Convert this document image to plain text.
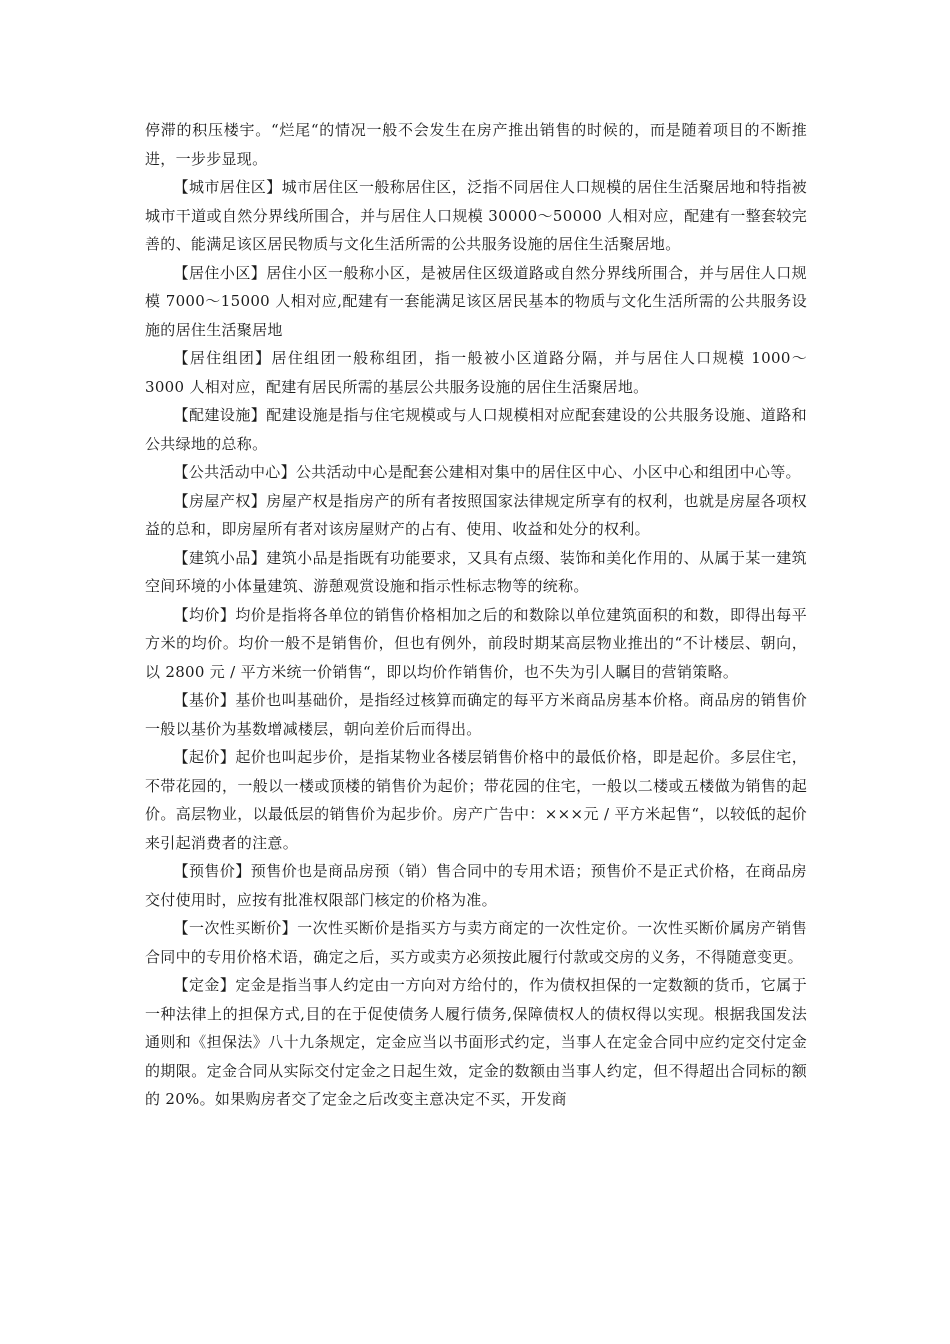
停滞的积压楼宇。“烂尾“的情况一般不会发生在房产推出销售的时候的，而是随着项目的不断推进，一步步显现。

【城市居住区】城市居住区一般称居住区，泛指不同居住人口规模的居住生活聚居地和特指被城市干道或自然分界线所围合，并与居住人口规模 30000～50000 人相对应，配建有一整套较完善的、能满足该区居民物质与文化生活所需的公共服务设施的居住生活聚居地。

【居住小区】居住小区一般称小区，是被居住区级道路或自然分界线所围合，并与居住人口规模 7000～15000 人相对应,配建有一套能满足该区居民基本的物质与文化生活所需的公共服务设施的居住生活聚居地

【居住组团】居住组团一般称组团，指一般被小区道路分隔，并与居住人口规模 1000～3000 人相对应，配建有居民所需的基层公共服务设施的居住生活聚居地。

【配建设施】配建设施是指与住宅规模或与人口规模相对应配套建设的公共服务设施、道路和公共绿地的总称。

【公共活动中心】公共活动中心是配套公建相对集中的居住区中心、小区中心和组团中心等。

【房屋产权】房屋产权是指房产的所有者按照国家法律规定所享有的权利，也就是房屋各项权益的总和，即房屋所有者对该房屋财产的占有、使用、收益和处分的权利。

【建筑小品】建筑小品是指既有功能要求，又具有点缀、装饰和美化作用的、从属于某一建筑空间环境的小体量建筑、游憩观赏设施和指示性标志物等的统称。

【均价】均价是指将各单位的销售价格相加之后的和数除以单位建筑面积的和数，即得出每平方米的均价。均价一般不是销售价，但也有例外，前段时期某高层物业推出的“不计楼层、朝向，以 2800 元 / 平方米统一价销售“，即以均价作销售价，也不失为引人瞩目的营销策略。

【基价】基价也叫基础价，是指经过核算而确定的每平方米商品房基本价格。商品房的销售价一般以基价为基数增减楼层，朝向差价后而得出。

【起价】起价也叫起步价，是指某物业各楼层销售价格中的最低价格，即是起价。多层住宅，不带花园的，一般以一楼或顶楼的销售价为起价；带花园的住宅，一般以二楼或五楼做为销售的起价。高层物业，以最低层的销售价为起步价。房产广告中：×××元 / 平方米起售“，以较低的起价来引起消费者的注意。

【预售价】预售价也是商品房预（销）售合同中的专用术语；预售价不是正式价格，在商品房交付使用时，应按有批准权限部门核定的价格为准。

【一次性买断价】一次性买断价是指买方与卖方商定的一次性定价。一次性买断价属房产销售合同中的专用价格术语，确定之后，买方或卖方必须按此履行付款或交房的义务，不得随意变更。

【定金】定金是指当事人约定由一方向对方给付的，作为债权担保的一定数额的货币，它属于一种法律上的担保方式,目的在于促使债务人履行债务,保障债权人的债权得以实现。根据我国发法通则和《担保法》八十九条规定，定金应当以书面形式约定，当事人在定金合同中应约定交付定金的期限。定金合同从实际交付定金之日起生效，定金的数额由当事人约定，但不得超出合同标的额的 20%。如果购房者交了定金之后改变主意决定不买，开发商
